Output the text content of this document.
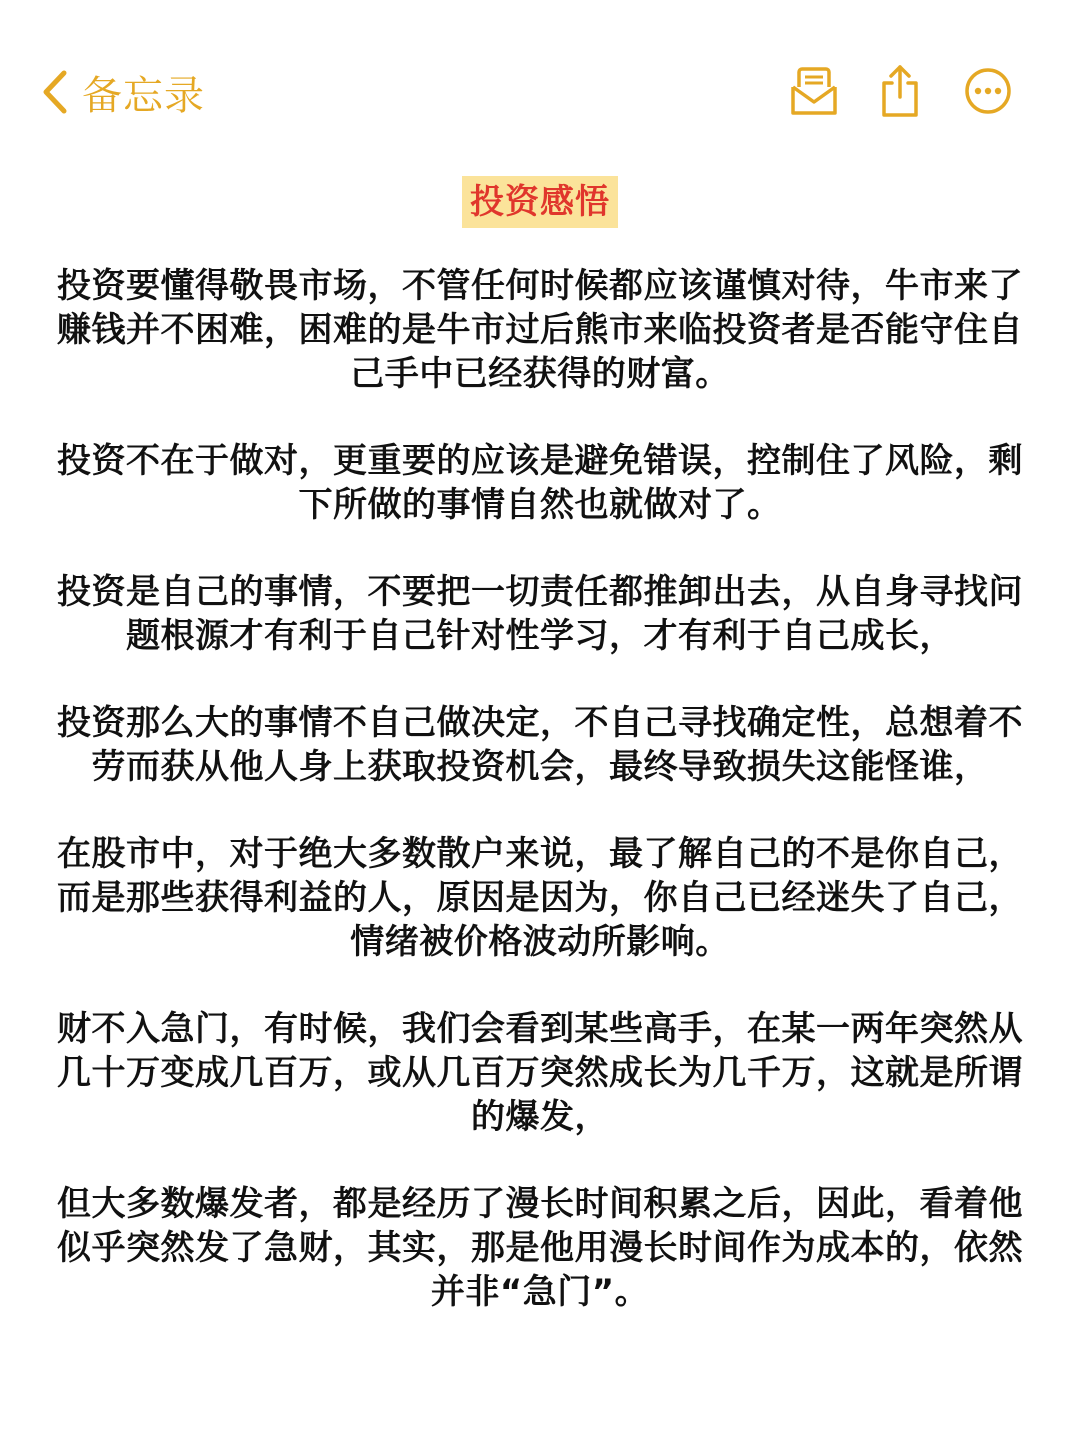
备忘录
投资感悟

投资要懂得敬畏市场，不管任何时候都应该谨慎对待，牛市来了赚钱并不困难，困难的是牛市过后熊市来临投资者是否能守住自己手中已经获得的财富。

投资不在于做对，更重要的应该是避免错误，控制住了风险，剩下所做的事情自然也就做对了。

投资是自己的事情，不要把一切责任都推卸出去，从自身寻找问题根源才有利于自己针对性学习，才有利于自己成长，

投资那么大的事情不自己做决定，不自己寻找确定性，总想着不劳而获从他人身上获取投资机会，最终导致损失这能怪谁，

在股市中，对于绝大多数散户来说，最了解自己的不是你自己，而是那些获得利益的人，原因是因为，你自己已经迷失了自己，情绪被价格波动所影响。

财不入急门，有时候，我们会看到某些高手，在某一两年突然从几十万变成几百万，或从几百万突然成长为几千万，这就是所谓的爆发，

但大多数爆发者，都是经历了漫长时间积累之后，因此，看着他似乎突然发了急财，其实，那是他用漫长时间作为成本的，依然并非“急门”。
